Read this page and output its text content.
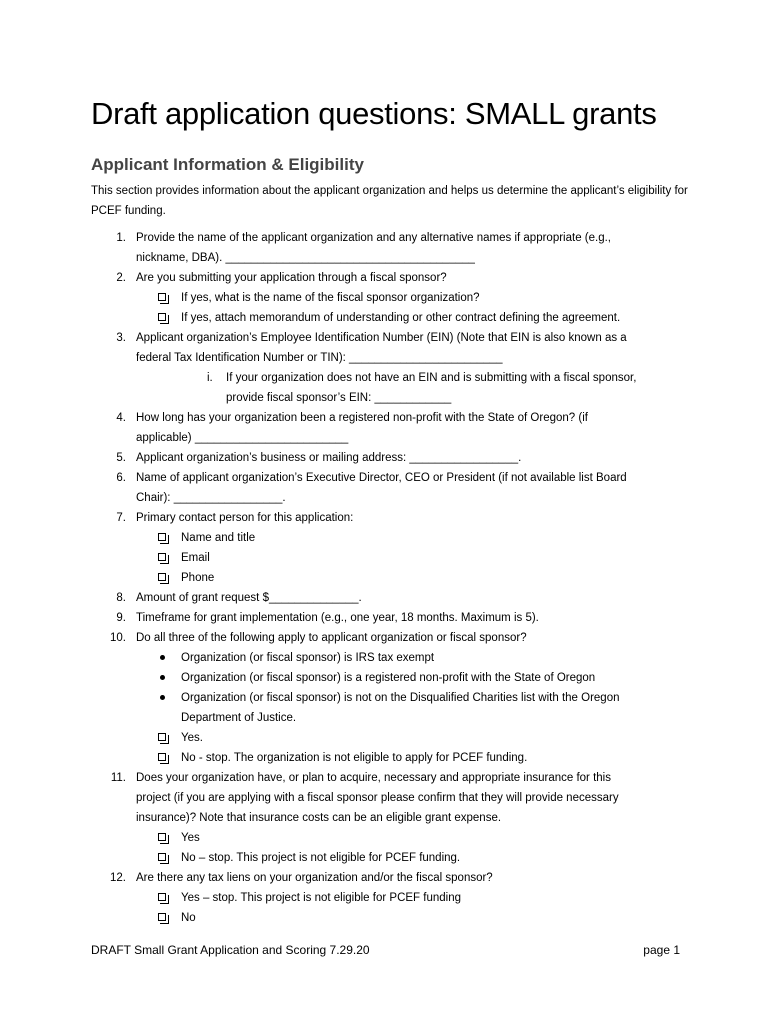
Draft application questions: SMALL grants
Applicant Information & Eligibility

This section provides information about the applicant organization and helps us determine the applicant’s eligibility for PCEF funding.

1. Provide the name of the applicant organization and any alternative names if appropriate (e.g.,
nickname, DBA). _______________________________________
2. Are you submitting your application through a fiscal sponsor?
If yes, what is the name of the fiscal sponsor organization?
If yes, attach memorandum of understanding or other contract defining the agreement.
3. Applicant organization’s Employee Identification Number (EIN) (Note that EIN is also known as a
federal Tax Identification Number or TIN): ________________________
i. If your organization does not have an EIN and is submitting with a fiscal sponsor,
provide fiscal sponsor’s EIN: ____________
4. How long has your organization been a registered non-profit with the State of Oregon? (if
applicable) ________________________
5. Applicant organization’s business or mailing address: _________________.
6. Name of applicant organization’s Executive Director, CEO or President (if not available list Board
Chair): _________________.
7. Primary contact person for this application:
Name and title
Email
Phone
8. Amount of grant request $______________.
9. Timeframe for grant implementation (e.g., one year, 18 months. Maximum is 5).
10. Do all three of the following apply to applicant organization or fiscal sponsor?
Organization (or fiscal sponsor) is IRS tax exempt
Organization (or fiscal sponsor) is a registered non-profit with the State of Oregon
Organization (or fiscal sponsor) is not on the Disqualified Charities list with the Oregon
Department of Justice.
Yes.
No - stop. The organization is not eligible to apply for PCEF funding.
11. Does your organization have, or plan to acquire, necessary and appropriate insurance for this
project (if you are applying with a fiscal sponsor please confirm that they will provide necessary
insurance)? Note that insurance costs can be an eligible grant expense.
Yes
No – stop. This project is not eligible for PCEF funding.
12. Are there any tax liens on your organization and/or the fiscal sponsor?
Yes – stop. This project is not eligible for PCEF funding
No
DRAFT Small Grant Application and Scoring 7.29.20	page 1
